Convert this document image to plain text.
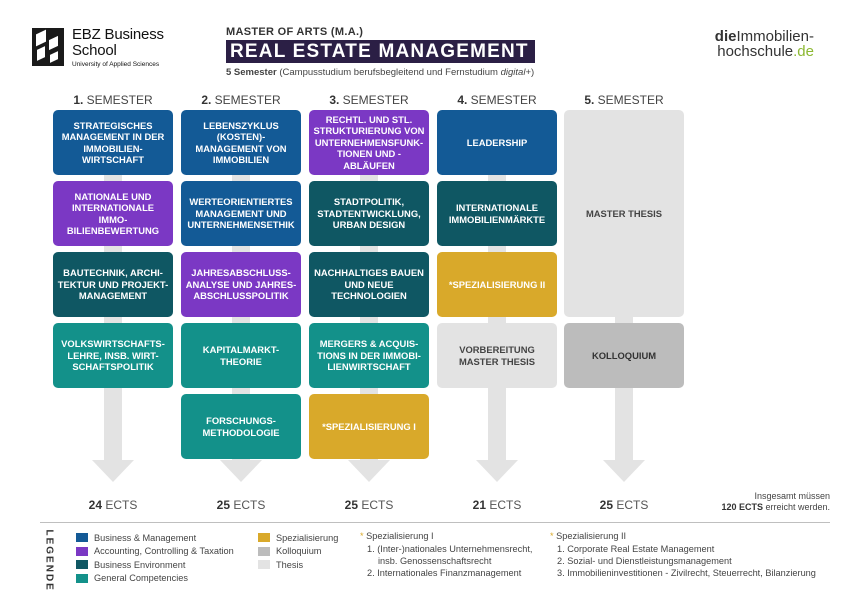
EBZ Business
School
University of Applied Sciences
MASTER OF ARTS (M.A.)
REAL ESTATE MANAGEMENT
5 Semester (Campusstudium berufsbegleitend und Fernstudium digital+)
dieImmobilien-
hochschule.de
1. SEMESTER
STRATEGISCHES MANAGEMENT IN DER IMMOBILIEN-WIRTSCHAFT
NATIONALE UND INTERNATIONALE IMMO-BILIENBEWERTUNG
BAUTECHNIK, ARCHI-TEKTUR UND PROJEKT-MANAGEMENT
VOLKSWIRTSCHAFTS-LEHRE, INSB. WIRT-SCHAFTSPOLITIK
24 ECTS
2. SEMESTER
LEBENSZYKLUS (KOSTEN)-MANAGEMENT VON IMMOBILIEN
WERTEORIENTIERTES MANAGEMENT UND UNTERNEHMENSETHIK
JAHRESABSCHLUSS-ANALYSE UND JAHRES-ABSCHLUSSPOLITIK
KAPITALMARKT-THEORIE
FORSCHUNGS-METHODOLOGIE
25 ECTS
3. SEMESTER
RECHTL. UND STL. STRUKTURIERUNG VON UNTERNEHMENSFUNK-TIONEN UND -ABLÄUFEN
STADTPOLITIK, STADTENTWICKLUNG, URBAN DESIGN
NACHHALTIGES BAUEN UND NEUE TECHNOLOGIEN
MERGERS & ACQUIS-TIONS IN DER IMMOBI-LIENWIRTSCHAFT
*SPEZIALISIERUNG I
25 ECTS
4. SEMESTER
LEADERSHIP
INTERNATIONALE IMMOBILIENMÄRKTE
*SPEZIALISIERUNG II
VORBEREITUNG MASTER THESIS
21 ECTS
5. SEMESTER
MASTER THESIS
KOLLOQUIUM
25 ECTS
Insgesamt müssen
120 ECTS erreicht werden.
LEGENDE	Business & Management
Accounting, Controlling & Taxation
Business Environment
General Competencies
Spezialisierung
Kolloquium
Thesis
* Spezialisierung I
1. (Inter-)nationales Unternehmensrecht,
insb. Genossenschaftsrecht
2. Internationales Finanzmanagement
* Spezialisierung II
1. Corporate Real Estate Management
2. Sozial- und Dienstleistungsmanagement
3. Immobilieninvestitionen - Zivilrecht, Steuerrecht, Bilanzierung
